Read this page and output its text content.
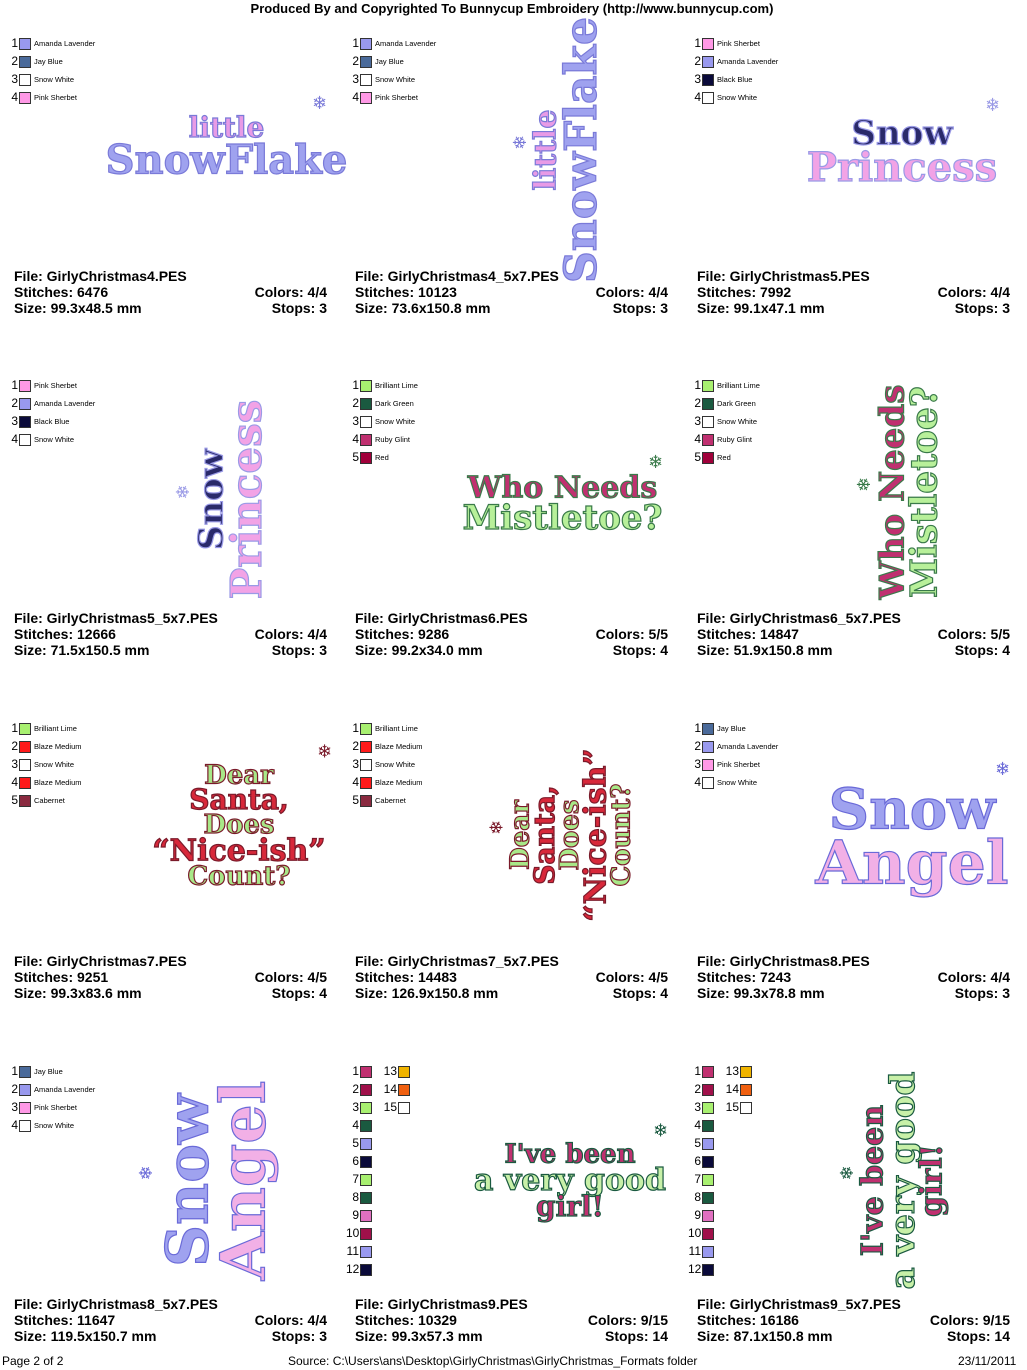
Produced By and Copyrighted To Bunnycup Embroidery (http://www.bunnycup.com)
1 Amanda Lavender
2 Jay Blue
3 Snow White
4 Pink Sherbet
little
SnowFlake
❄
File: GirlyChristmas4.PES
Stitches: 6476	Colors: 4/4
Size: 99.3x48.5 mm	Stops: 3
1 Amanda Lavender
2 Jay Blue
3 Snow White
4 Pink Sherbet
little
SnowFlake
❄
File: GirlyChristmas4_5x7.PES
Stitches: 10123	Colors: 4/4
Size: 73.6x150.8 mm	Stops: 3
1 Pink Sherbet
2 Amanda Lavender
3 Black Blue
4 Snow White
Snow
Princess
❄
File: GirlyChristmas5.PES
Stitches: 7992	Colors: 4/4
Size: 99.1x47.1 mm	Stops: 3
1 Pink Sherbet
2 Amanda Lavender
3 Black Blue
4 Snow White
Snow
Princess
❄
File: GirlyChristmas5_5x7.PES
Stitches: 12666	Colors: 4/4
Size: 71.5x150.5 mm	Stops: 3
1 Brilliant Lime
2 Dark Green
3 Snow White
4 Ruby Glint
5 Red
Who Needs
Mistletoe?
❄
File: GirlyChristmas6.PES
Stitches: 9286	Colors: 5/5
Size: 99.2x34.0 mm	Stops: 4
1 Brilliant Lime
2 Dark Green
3 Snow White
4 Ruby Glint
5 Red	Who Needs
Mistletoe?
❄
File: GirlyChristmas6_5x7.PES
Stitches: 14847	Colors: 5/5
Size: 51.9x150.8 mm	Stops: 4
1 Brilliant Lime
2 Blaze Medium
3 Snow White
4 Blaze Medium
5 Cabernet
Dear
Santa,
Does
“Nice-ish”
Count?
❄
File: GirlyChristmas7.PES
Stitches: 9251	Colors: 4/5
Size: 99.3x83.6 mm	Stops: 4
1 Brilliant Lime
2 Blaze Medium
3 Snow White
4 Blaze Medium
5 Cabernet	Dear
Santa,
Does
“Nice-ish”
Count?
❄
File: GirlyChristmas7_5x7.PES
Stitches: 14483	Colors: 4/5
Size: 126.9x150.8 mm	Stops: 4
1 Jay Blue
2 Amanda Lavender
3 Pink Sherbet
4 Snow White Snow
Angel
❄
File: GirlyChristmas8.PES
Stitches: 7243	Colors: 4/4
Size: 99.3x78.8 mm	Stops: 3
1 Jay Blue
2 Amanda Lavender
3 Pink Sherbet
4 Snow White Snow
Angel
❄
File: GirlyChristmas8_5x7.PES
Stitches: 11647	Colors: 4/4
Size: 119.5x150.7 mm	Stops: 3
1 13
2 14
3 15
4
5
6
7
8
9
10
11
12
I've been
a very good
girl!
❄
File: GirlyChristmas9.PES
Stitches: 10329	Colors: 9/15
Size: 99.3x57.3 mm	Stops: 14
1 13
2 14
3 15
4
5
6
7
8
9
10
11
12
I've been
a very good
girl!
❄
File: GirlyChristmas9_5x7.PES
Stitches: 16186	Colors: 9/15
Size: 87.1x150.8 mm	Stops: 14
Page 2 of 2	Source: C:\Users\ans\Desktop\GirlyChristmas\GirlyChristmas_Formats folder	23/11/2011
